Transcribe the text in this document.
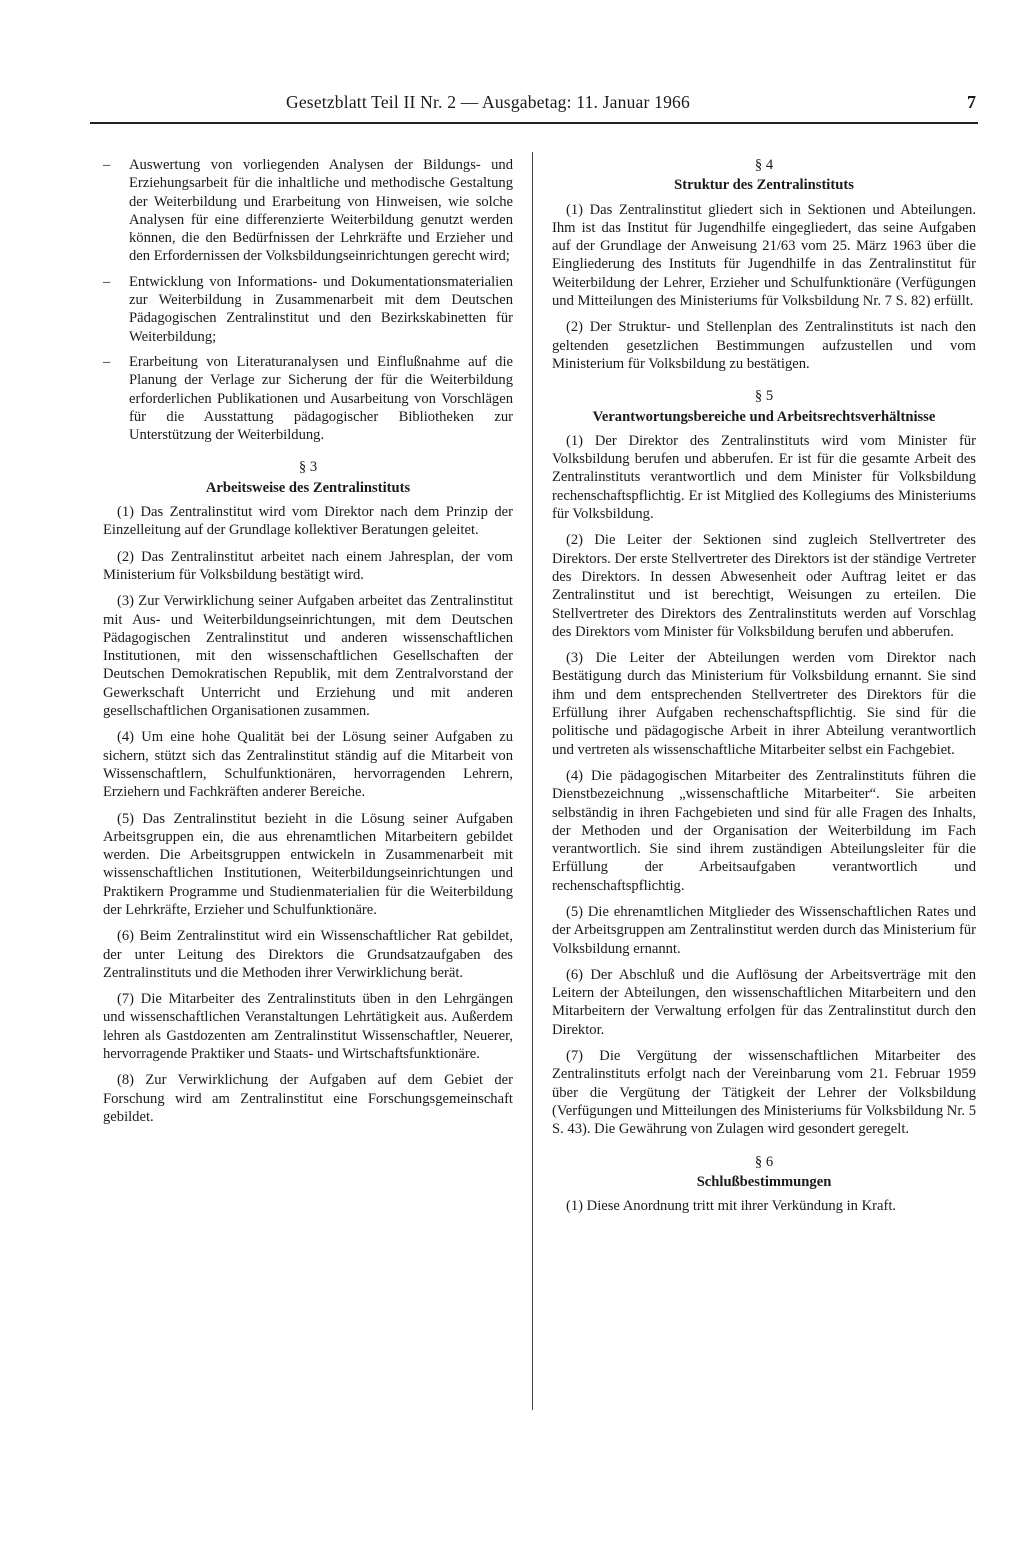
Gesetzblatt Teil II Nr. 2 — Ausgabetag: 11. Januar 1966	7
– Auswertung von vorliegenden Analysen der Bildungs- und Erziehungsarbeit für die inhaltliche und methodische Gestaltung der Weiterbildung und Erarbeitung von Hinweisen, wie solche Analysen für eine differenzierte Weiterbildung genutzt werden können, die den Bedürfnissen der Lehrkräfte und Erzieher und den Erfordernissen der Volksbildungseinrichtungen gerecht wird;
– Entwicklung von Informations- und Dokumentationsmaterialien zur Weiterbildung in Zusammenarbeit mit dem Deutschen Pädagogischen Zentralinstitut und den Bezirkskabinetten für Weiterbildung;
– Erarbeitung von Literaturanalysen und Einflußnahme auf die Planung der Verlage zur Sicherung der für die Weiterbildung erforderlichen Publikationen und Ausarbeitung von Vorschlägen für die Ausstattung pädagogischer Bibliotheken zur Unterstützung der Weiterbildung.
§ 3
Arbeitsweise des Zentralinstituts

(1) Das Zentralinstitut wird vom Direktor nach dem Prinzip der Einzelleitung auf der Grundlage kollektiver Beratungen geleitet.

(2) Das Zentralinstitut arbeitet nach einem Jahresplan, der vom Ministerium für Volksbildung bestätigt wird.

(3) Zur Verwirklichung seiner Aufgaben arbeitet das Zentralinstitut mit Aus- und Weiterbildungseinrichtungen, mit dem Deutschen Pädagogischen Zentralinstitut und anderen wissenschaftlichen Institutionen, mit den wissenschaftlichen Gesellschaften der Deutschen Demokratischen Republik, mit dem Zentralvorstand der Gewerkschaft Unterricht und Erziehung und mit anderen gesellschaftlichen Organisationen zusammen.

(4) Um eine hohe Qualität bei der Lösung seiner Aufgaben zu sichern, stützt sich das Zentralinstitut ständig auf die Mitarbeit von Wissenschaftlern, Schulfunktionären, hervorragenden Lehrern, Erziehern und Fachkräften anderer Bereiche.

(5) Das Zentralinstitut bezieht in die Lösung seiner Aufgaben Arbeitsgruppen ein, die aus ehrenamtlichen Mitarbeitern gebildet werden. Die Arbeitsgruppen entwickeln in Zusammenarbeit mit wissenschaftlichen Institutionen, Weiterbildungseinrichtungen und Praktikern Programme und Studienmaterialien für die Weiterbildung der Lehrkräfte, Erzieher und Schulfunktionäre.

(6) Beim Zentralinstitut wird ein Wissenschaftlicher Rat gebildet, der unter Leitung des Direktors die Grundsatzaufgaben des Zentralinstituts und die Methoden ihrer Verwirklichung berät.

(7) Die Mitarbeiter des Zentralinstituts üben in den Lehrgängen und wissenschaftlichen Veranstaltungen Lehrtätigkeit aus. Außerdem lehren als Gastdozenten am Zentralinstitut Wissenschaftler, Neuerer, hervorragende Praktiker und Staats- und Wirtschaftsfunktionäre.

(8) Zur Verwirklichung der Aufgaben auf dem Gebiet der Forschung wird am Zentralinstitut eine Forschungsgemeinschaft gebildet.

§ 4
Struktur des Zentralinstituts

(1) Das Zentralinstitut gliedert sich in Sektionen und Abteilungen. Ihm ist das Institut für Jugendhilfe eingegliedert, das seine Aufgaben auf der Grundlage der Anweisung 21/63 vom 25. März 1963 über die Eingliederung des Instituts für Jugendhilfe in das Zentralinstitut für Weiterbildung der Lehrer, Erzieher und Schulfunktionäre (Verfügungen und Mitteilungen des Ministeriums für Volksbildung Nr. 7 S. 82) erfüllt.

(2) Der Struktur- und Stellenplan des Zentralinstituts ist nach den geltenden gesetzlichen Bestimmungen aufzustellen und vom Ministerium für Volksbildung zu bestätigen.

§ 5
Verantwortungsbereiche und Arbeitsrechtsverhältnisse

(1) Der Direktor des Zentralinstituts wird vom Minister für Volksbildung berufen und abberufen. Er ist für die gesamte Arbeit des Zentralinstituts verantwortlich und dem Minister für Volksbildung rechenschaftspflichtig. Er ist Mitglied des Kollegiums des Ministeriums für Volksbildung.

(2) Die Leiter der Sektionen sind zugleich Stellvertreter des Direktors. Der erste Stellvertreter des Direktors ist der ständige Vertreter des Direktors. In dessen Abwesenheit oder Auftrag leitet er das Zentralinstitut und ist berechtigt, Weisungen zu erteilen. Die Stellvertreter des Direktors des Zentralinstituts werden auf Vorschlag des Direktors vom Minister für Volksbildung berufen und abberufen.

(3) Die Leiter der Abteilungen werden vom Direktor nach Bestätigung durch das Ministerium für Volksbildung ernannt. Sie sind ihm und dem entsprechenden Stellvertreter des Direktors für die Erfüllung ihrer Aufgaben rechenschaftspflichtig. Sie sind für die politische und pädagogische Arbeit in ihrer Abteilung verantwortlich und vertreten als wissenschaftliche Mitarbeiter selbst ein Fachgebiet.

(4) Die pädagogischen Mitarbeiter des Zentralinstituts führen die Dienstbezeichnung „wissenschaftliche Mitarbeiter“. Sie arbeiten selbständig in ihren Fachgebieten und sind für alle Fragen des Inhalts, der Methoden und der Organisation der Weiterbildung im Fach verantwortlich. Sie sind ihrem zuständigen Abteilungsleiter für die Erfüllung der Arbeitsaufgaben verantwortlich und rechenschaftspflichtig.

(5) Die ehrenamtlichen Mitglieder des Wissenschaftlichen Rates und der Arbeitsgruppen am Zentralinstitut werden durch das Ministerium für Volksbildung ernannt.

(6) Der Abschluß und die Auflösung der Arbeitsverträge mit den Leitern der Abteilungen, den wissenschaftlichen Mitarbeitern und den Mitarbeitern der Verwaltung erfolgen für das Zentralinstitut durch den Direktor.

(7) Die Vergütung der wissenschaftlichen Mitarbeiter des Zentralinstituts erfolgt nach der Vereinbarung vom 21. Februar 1959 über die Vergütung der Tätigkeit der Lehrer der Volksbildung (Verfügungen und Mitteilungen des Ministeriums für Volksbildung Nr. 5 S. 43). Die Gewährung von Zulagen wird gesondert geregelt.

§ 6
Schlußbestimmungen

(1) Diese Anordnung tritt mit ihrer Verkündung in Kraft.
